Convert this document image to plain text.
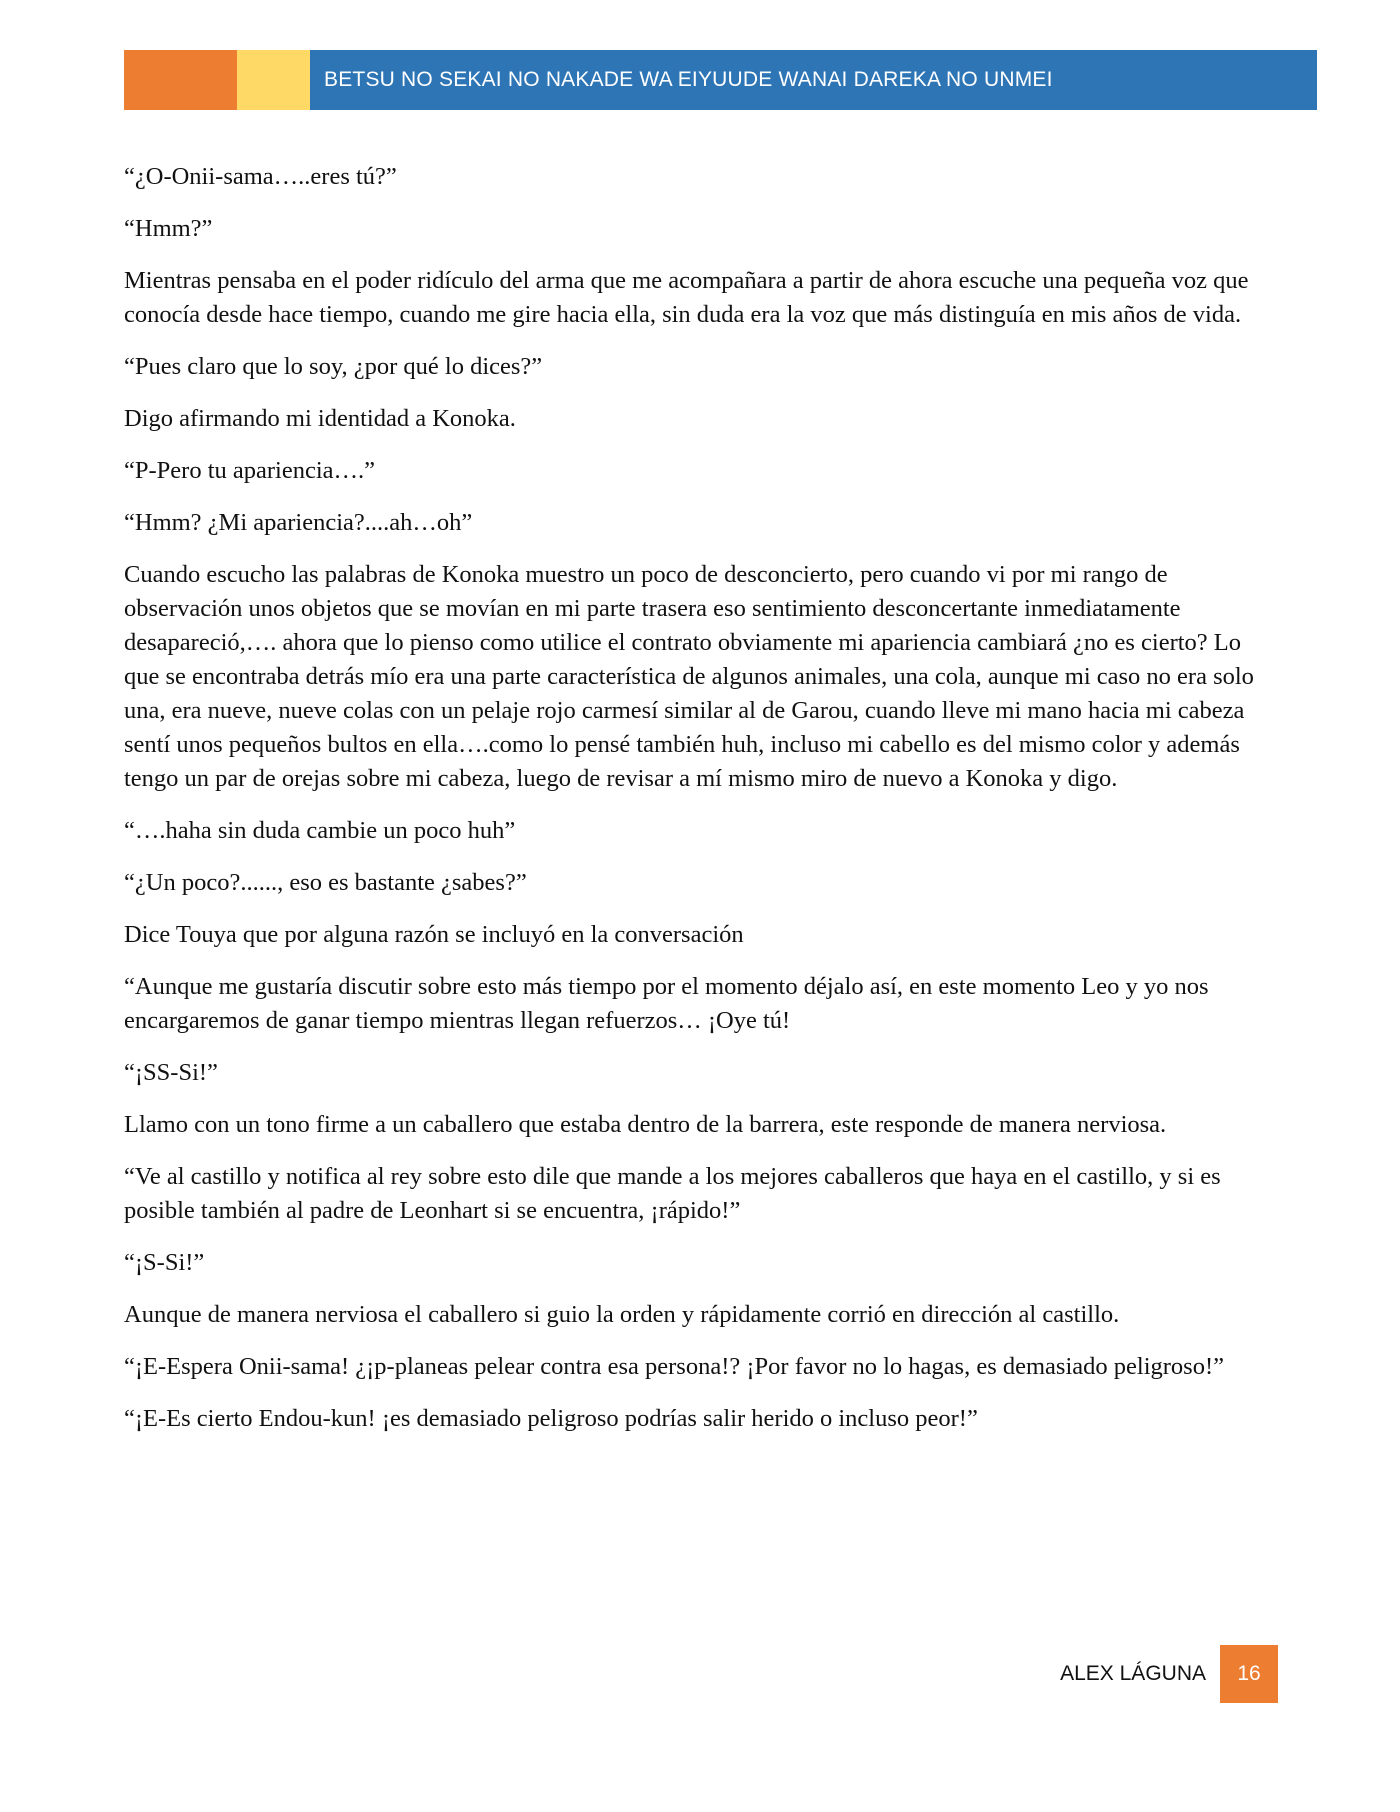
BETSU NO SEKAI NO NAKADE WA EIYUUDE WANAI DAREKA NO UNMEI

“¿O-Onii-sama…..eres tú?”

“Hmm?”

Mientras pensaba en el poder ridículo del arma que me acompañara a partir de ahora escuche una pequeña voz que conocía desde hace tiempo, cuando me gire hacia ella, sin duda era la voz que más distinguía en mis años de vida.

“Pues claro que lo soy, ¿por qué lo dices?”

Digo afirmando mi identidad a Konoka.

“P-Pero tu apariencia….”

“Hmm? ¿Mi apariencia?....ah…oh”

Cuando escucho las palabras de Konoka muestro un poco de desconcierto, pero cuando vi por mi rango de observación unos objetos que se movían en mi parte trasera eso sentimiento desconcertante inmediatamente desapareció,…. ahora que lo pienso como utilice el contrato obviamente mi apariencia cambiará ¿no es cierto? Lo que se encontraba detrás mío era una parte característica de algunos animales, una cola, aunque mi caso no era solo una, era nueve, nueve colas con un pelaje rojo carmesí similar al de Garou, cuando lleve mi mano hacia mi cabeza sentí unos pequeños bultos en ella….como lo pensé también huh, incluso mi cabello es del mismo color y además tengo un par de orejas sobre mi cabeza, luego de revisar a mí mismo miro de nuevo a Konoka y digo.

“….haha sin duda cambie un poco huh”

“¿Un poco?......, eso es bastante ¿sabes?”

Dice Touya que por alguna razón se incluyó en la conversación

“Aunque me gustaría discutir sobre esto más tiempo por el momento déjalo así, en este momento Leo y yo nos encargaremos de ganar tiempo mientras llegan refuerzos… ¡Oye tú!

“¡SS-Si!”

Llamo con un tono firme a un caballero que estaba dentro de la barrera, este responde de manera nerviosa.

“Ve al castillo y notifica al rey sobre esto dile que mande a los mejores caballeros que haya en el castillo, y si es posible también al padre de Leonhart si se encuentra, ¡rápido!”

“¡S-Si!”

Aunque de manera nerviosa el caballero si guio la orden y rápidamente corrió en dirección al castillo.

“¡E-Espera Onii-sama! ¿¡p-planeas pelear contra esa persona!? ¡Por favor no lo hagas, es demasiado peligroso!”

“¡E-Es cierto Endou-kun! ¡es demasiado peligroso podrías salir herido o incluso peor!”

ALEX LÁGUNA	16
